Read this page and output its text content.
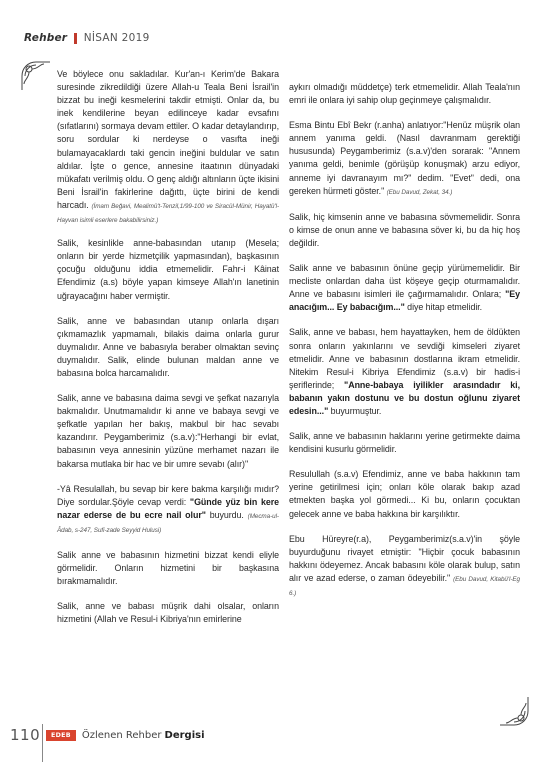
Rehber NİSAN 2019

Ve böylece onu sakladılar. Kur'an-ı Kerim'de Bakara suresinde zikredildiği üzere Allah-u Teala Beni İsrail'in bizzat bu ineği kesmelerini takdir etmişti. Onlar da, bu inek kendilerine beyan edilinceye kadar evsafını (sıfatlarını) sormaya devam ettiler. O kadar detaylandırıp, soru sordular ki nerdeyse o vasıfta ineği bulamayacaklardı taki gencin ineğini buldular ve satın aldılar. İşte o gence, annesine itaatının dünyadaki mükafatı verilmiş oldu. O genç aldığı altınların üçte ikisini Beni İsrail'in fakirlerine dağıttı, üçte birini de kendi harcadı. (İmam Beğavi, Mealimü't-Tenzil,1/99-100 ve Siracül-Münir, Hayatü'l-Hayvan isimli eserlere bakabilirsiniz.)

Salik, kesinlikle anne-babasından utanıp (Mesela; onların bir yerde hizmetçilik yapmasından), başkasının çocuğu olduğunu iddia etmemelidir. Fahr-i Kâinat Efendimiz (a.s) böyle yapan kimseye Allah'ın lanetinin uğrayacağını haber vermiştir.

Salik, anne ve babasından utanıp onlarla dışarı çıkmamazlık yapmamalı, bilakis daima onlarla gurur duymalıdır. Anne ve babasıyla beraber olmaktan sevinç duymalıdır. Salik, elinde bulunan maldan anne ve babasına bolca harcamalıdır.

Salik, anne ve babasına daima sevgi ve şefkat nazarıyla bakmalıdır. Unutmamalıdır ki anne ve babaya sevgi ve şefkatle yapılan her bakış, makbul bir hac sevabı kazandırır. Peygamberimiz (s.a.v):"Herhangi bir evlat, babasının veya annesinin yüzüne merhamet nazarı ile bakarsa mutlaka bir hac ve bir umre sevabı (alır)"

-Yâ Resulallah, bu sevap bir kere bakma karşılığı mıdır? Diye sordular.Şöyle cevap verdi: "Günde yüz bin kere nazar ederse de bu ecre nail olur" buyurdu. (Mecma-ul-Âdab, s-247, Sufi-zade Seyyid Hulusi)

Salik anne ve babasının hizmetini bizzat kendi eliyle görmelidir. Onların hizmetini bir başkasına bırakmamalıdır.

Salik, anne ve babası müşrik dahi olsalar, onların hizmetini (Allah ve Resul-i Kibriya'nın emirlerine

aykırı olmadığı müddetçe) terk etmemelidir. Allah Teala'nın emri ile onlara iyi sahip olup geçinmeye çalışmalıdır.

Esma Bintu Ebî Bekr (r.anha) anlatıyor:"Henüz müşrik olan annem yanıma geldi. (Nasıl davranmam gerektiği hususunda) Peygamberimiz (s.a.v)'den sorarak: "Annem yanıma geldi, benimle (görüşüp konuşmak) arzu ediyor, anneme iyi davranayım mı?" dedim. "Evet" dedi, ona gereken hürmeti göster." (Ebu Davud, Zekat, 34.)

Salik, hiç kimsenin anne ve babasına sövmemelidir. Sonra o kimse de onun anne ve babasına söver ki, bu da hiç hoş değildir.

Salik anne ve babasının önüne geçip yürümemelidir. Bir mecliste onlardan daha üst köşeye geçip oturmamalıdır. Anne ve babasını isimleri ile çağırmamalıdır. Onlara; "Ey anacığım... Ey babacığım..." diye hitap etmelidir.

Salik, anne ve babası, hem hayattayken, hem de öldükten sonra onların yakınlarını ve sevdiği kimseleri ziyaret etmelidir. Anne ve babasının dostlarına ikram etmelidir. Nitekim Resul-i Kibriya Efendimiz (s.a.v) bir hadis-i şeriflerinde; "Anne-babaya iyilikler arasındadır ki, babanın yakın dostunu ve bu dostun oğlunu ziyaret edesin..." buyurmuştur.

Salik, anne ve babasının haklarını yerine getirmekte daima kendisini kusurlu görmelidir.

Resulullah (s.a.v) Efendimiz, anne ve baba hakkının tam yerine getirilmesi için; onları köle olarak bakıp azad etmekten başka yol görmedi... Ki bu, onların çocuktan gelecek anne ve baba hakkına bir karşılıktır.

Ebu Hüreyre(r.a), Peygamberimiz(s.a.v)'in şöyle buyurduğunu rivayet etmiştir: "Hiçbir çocuk babasının hakkını ödeyemez. Ancak babasını köle olarak bulup, satın alır ve azad ederse, o zaman ödeyebilir." (Ebu Davud, Kitabü'l-Eg 6.)

110	EDEB	Özlenen Rehber Dergisi
